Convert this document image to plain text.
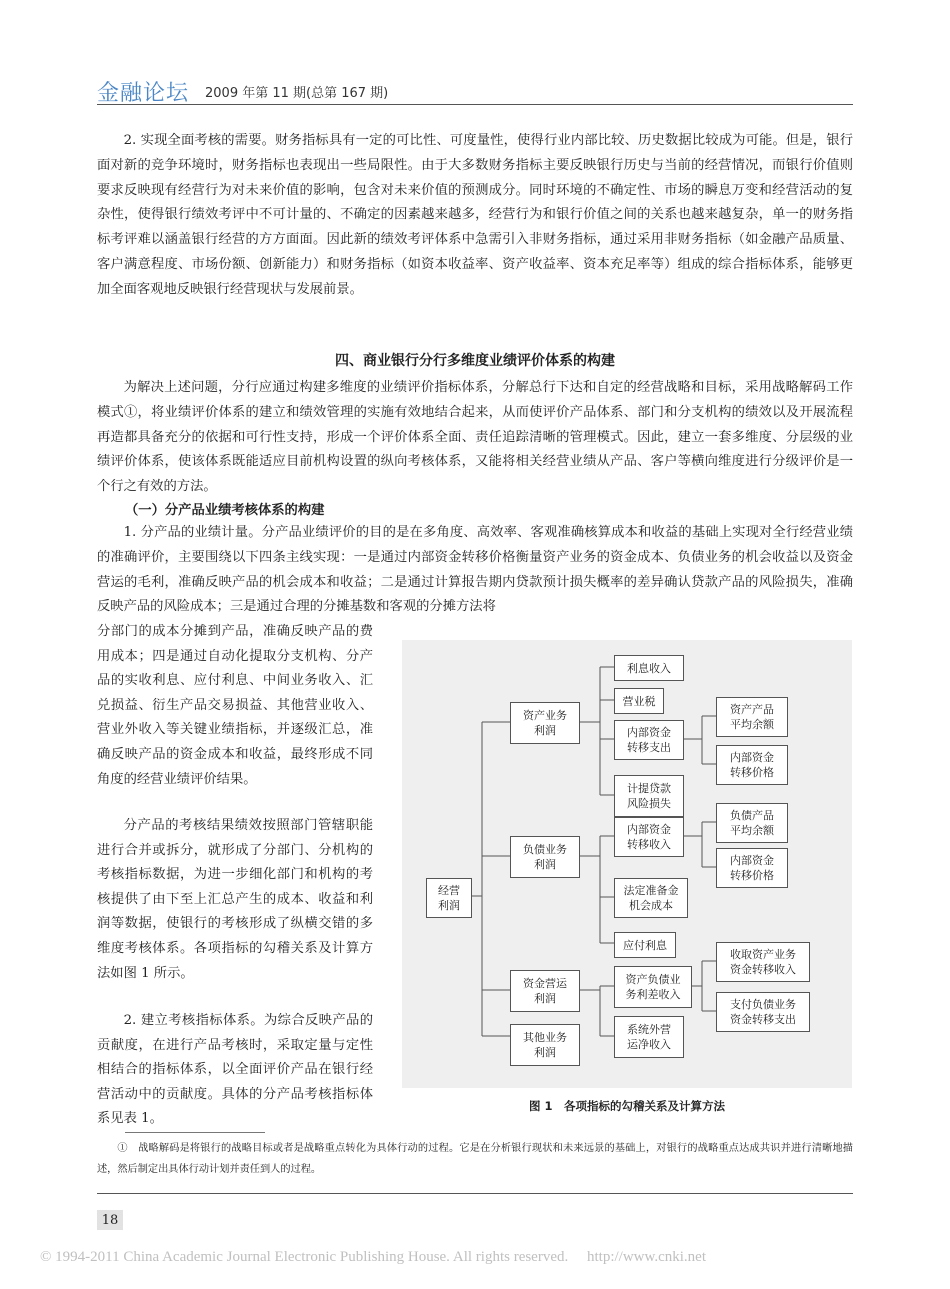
金融论坛 2009 年第 11 期(总第 167 期)

2. 实现全面考核的需要。财务指标具有一定的可比性、可度量性，使得行业内部比较、历史数据比较成为可能。但是，银行面对新的竞争环境时，财务指标也表现出一些局限性。由于大多数财务指标主要反映银行历史与当前的经营情况，而银行价值则要求反映现有经营行为对未来价值的影响，包含对未来价值的预测成分。同时环境的不确定性、市场的瞬息万变和经营活动的复杂性，使得银行绩效考评中不可计量的、不确定的因素越来越多，经营行为和银行价值之间的关系也越来越复杂，单一的财务指标考评难以涵盖银行经营的方方面面。因此新的绩效考评体系中急需引入非财务指标，通过采用非财务指标（如金融产品质量、客户满意程度、市场份额、创新能力）和财务指标（如资本收益率、资产收益率、资本充足率等）组成的综合指标体系，能够更加全面客观地反映银行经营现状与发展前景。

四、商业银行分行多维度业绩评价体系的构建

为解决上述问题，分行应通过构建多维度的业绩评价指标体系，分解总行下达和自定的经营战略和目标，采用战略解码工作模式①，将业绩评价体系的建立和绩效管理的实施有效地结合起来，从而使评价产品体系、部门和分支机构的绩效以及开展流程再造都具备充分的依据和可行性支持，形成一个评价体系全面、责任追踪清晰的管理模式。因此，建立一套多维度、分层级的业绩评价体系，使该体系既能适应目前机构设置的纵向考核体系，又能将相关经营业绩从产品、客户等横向维度进行分级评价是一个行之有效的方法。

（一）分产品业绩考核体系的构建

1. 分产品的业绩计量。分产品业绩评价的目的是在多角度、高效率、客观准确核算成本和收益的基础上实现对全行经营业绩的准确评价，主要围绕以下四条主线实现：一是通过内部资金转移价格衡量资产业务的资金成本、负债业务的机会收益以及资金营运的毛利，准确反映产品的机会成本和收益；二是通过计算报告期内贷款预计损失概率的差异确认贷款产品的风险损失，准确反映产品的风险成本；三是通过合理的分摊基数和客观的分摊方法将

分部门的成本分摊到产品，准确反映产品的费用成本；四是通过自动化提取分支机构、分产品的实收利息、应付利息、中间业务收入、汇兑损益、衍生产品交易损益、其他营业收入、营业外收入等关键业绩指标，并逐级汇总，准确反映产品的资金成本和收益，最终形成不同角度的经营业绩评价结果。

分产品的考核结果绩效按照部门管辖职能进行合并或拆分，就形成了分部门、分机构的考核指标数据，为进一步细化部门和机构的考核提供了由下至上汇总产生的成本、收益和利润等数据，使银行的考核形成了纵横交错的多维度考核体系。各项指标的勾稽关系及计算方法如图 1 所示。

2. 建立考核指标体系。为综合反映产品的贡献度，在进行产品考核时，采取定量与定性相结合的指标体系，以全面评价产品在银行经营活动中的贡献度。具体的分产品考核指标体系见表 1。

经营
利润
资产业务
利润
负债业务
利润
资金营运
利润
其他业务
利润
利息收入
营业税
内部资金
转移支出
计提贷款
风险损失
内部资金
转移收入
法定准备金
机会成本
应付利息
资产负债业
务利差收入
系统外营
运净收入
资产产品
平均余额
内部资金
转移价格
负债产品
平均余额
内部资金
转移价格
收取资产业务
资金转移收入
支付负债业务
资金转移支出
图 1　各项指标的勾稽关系及计算方法

①　战略解码是将银行的战略目标或者是战略重点转化为具体行动的过程。它是在分析银行现状和未来远景的基础上，对银行的战略重点达成共识并进行清晰地描述，然后制定出具体行动计划并责任到人的过程。

18
© 1994-2011 China Academic Journal Electronic Publishing House. All rights reserved.　 http://www.cnki.net
